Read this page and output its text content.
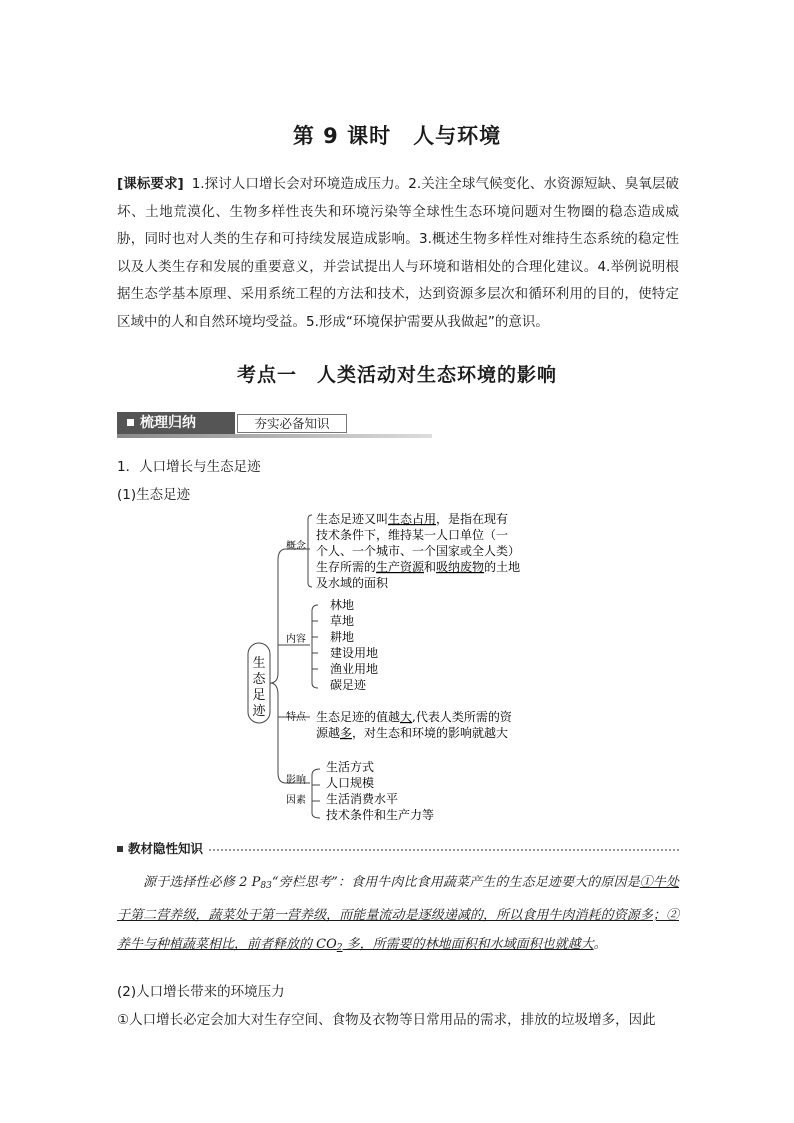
第 9 课时 人与环境
[课标要求] 1.探讨人口增长会对环境造成压力。2.关注全球气候变化、水资源短缺、臭氧层破坏、土地荒漠化、生物多样性丧失和环境污染等全球性生态环境问题对生物圈的稳态造成威胁，同时也对人类的生存和可持续发展造成影响。3.概述生物多样性对维持生态系统的稳定性以及人类生存和发展的重要意义，并尝试提出人与环境和谐相处的合理化建议。4.举例说明根据生态学基本原理、采用系统工程的方法和技术，达到资源多层次和循环利用的目的，使特定区域中的人和自然环境均受益。5.形成“环境保护需要从我做起”的意识。
考点一 人类活动对生态环境的影响
梳理归纳	夯实必备知识
1．人口增长与生态足迹
(1)生态足迹
生
态
足
迹
概念
生态足迹又叫生态占用，是指在现有
技术条件下，维持某一人口单位（一
个人、一个城市、一个国家或全人类）
生存所需的生产资源和吸纳废物的土地
及水域的面积
内容
林地
草地
耕地
建设用地
渔业用地
碳足迹
特点 生态足迹的值越大,代表人类所需的资
源越多，对生态和环境的影响就越大
影响
因素
生活方式
人口规模
生活消费水平
技术条件和生产力等
教材隐性知识
源于选择性必修 2 $P_{83}“$旁栏思考”：食用牛肉比食用蔬菜产生的生态足迹要大的原因是①牛处于第二营养级，蔬菜处于第一营养级，而能量流动是逐级递减的，所以食用牛肉消耗的资源多；②养牛与种植蔬菜相比，前者释放的 $CO_2$ 多，所需要的林地面积和水域面积也就越大。
(2)人口增长带来的环境压力
①人口增长必定会加大对生存空间、食物及衣物等日常用品的需求，排放的垃圾增多，因此
